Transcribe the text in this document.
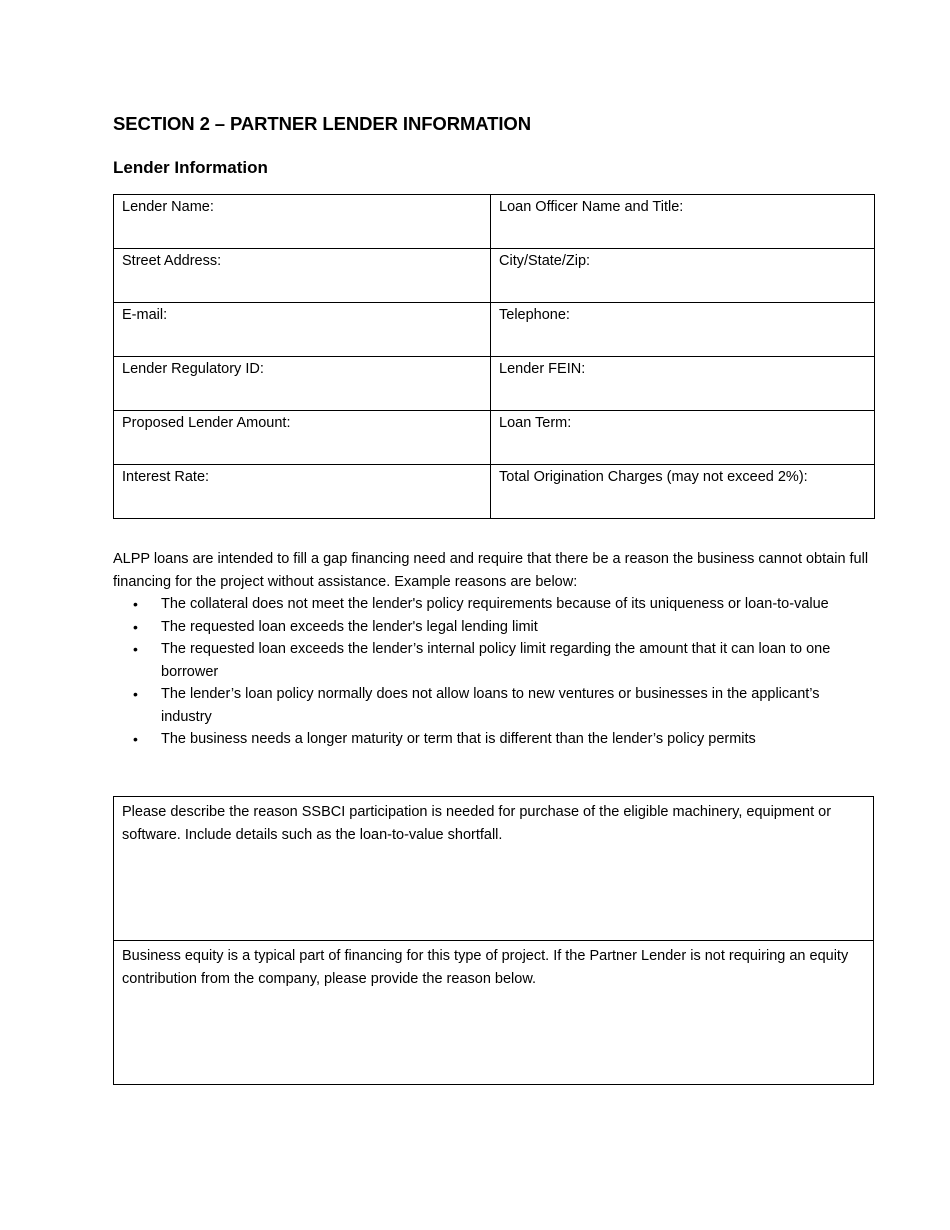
SECTION 2 – PARTNER LENDER INFORMATION
Lender Information
Lender Name:	Loan Officer Name and Title:
Street Address:	City/State/Zip:
E-mail:	Telephone:
Lender Regulatory ID:	Lender FEIN:
Proposed Lender Amount:	Loan Term:
Interest Rate:	Total Origination Charges (may not exceed 2%):
ALPP loans are intended to fill a gap financing need and require that there be a reason the business cannot obtain full financing for the project without assistance. Example reasons are below:
• The collateral does not meet the lender's policy requirements because of its uniqueness or loan-to-value
• The requested loan exceeds the lender's legal lending limit
• The requested loan exceeds the lender’s internal policy limit regarding the amount that it can loan to one borrower
• The lender’s loan policy normally does not allow loans to new ventures or businesses in the applicant’s industry
• The business needs a longer maturity or term that is different than the lender’s policy permits
Please describe the reason SSBCI participation is needed for purchase of the eligible machinery, equipment or software. Include details such as the loan-to-value shortfall.
Business equity is a typical part of financing for this type of project. If the Partner Lender is not requiring an equity contribution from the company, please provide the reason below.
